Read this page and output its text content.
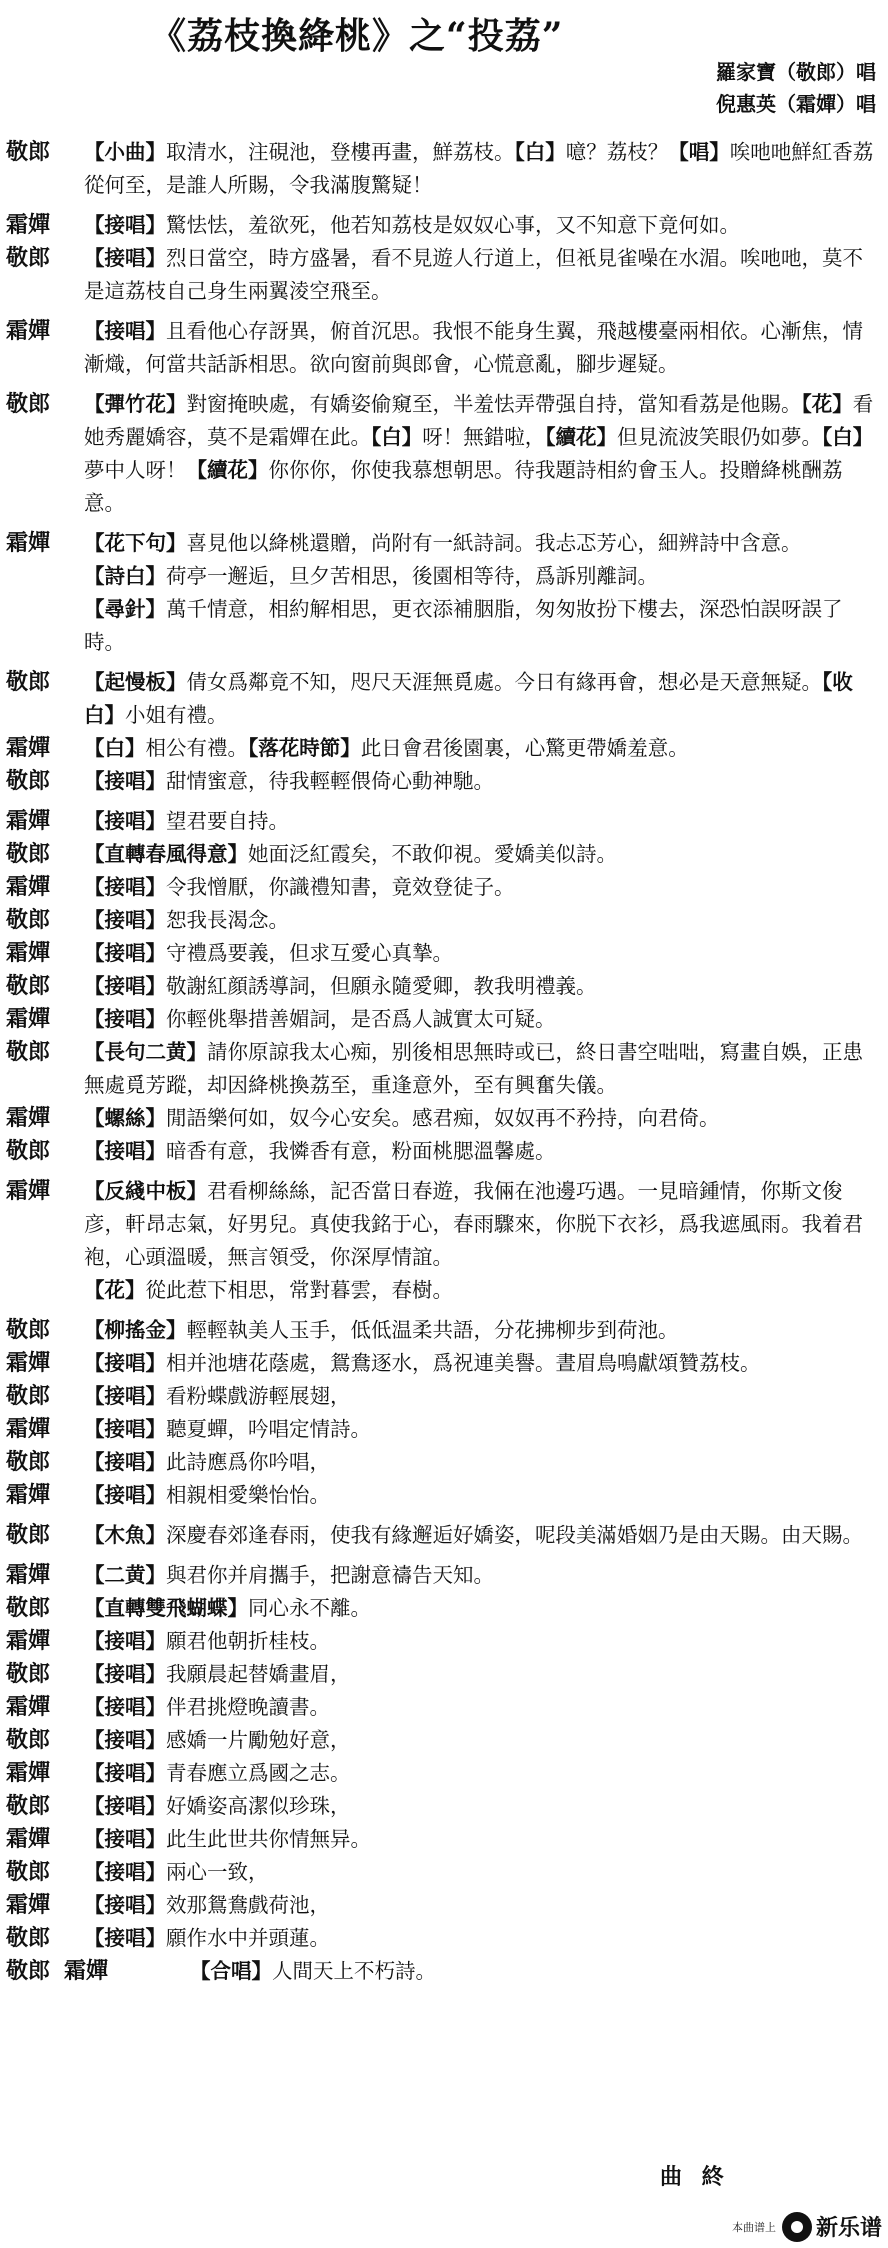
《荔枝換絳桃》之“投荔”
羅家寶（敬郎）唱
倪惠英（霜嬋）唱
敬郎	【小曲】取清水，注硯池，登樓再畫，鮮荔枝。【白】噫？荔枝？【唱】唉吔吔鮮紅香荔從何至，是誰人所賜，令我滿腹驚疑！
霜嬋	【接唱】驚怯怯，羞欲死，他若知荔枝是奴奴心事，又不知意下竟何如。
敬郎	【接唱】烈日當空，時方盛暑，看不見遊人行道上，但衹見雀噪在水湄。唉吔吔，莫不是這荔枝自己身生兩翼淩空飛至。
霜嬋	【接唱】且看他心存訝異，俯首沉思。我恨不能身生翼，飛越樓臺兩相依。心漸焦，情漸熾，何當共話訴相思。欲向窗前與郎會，心慌意亂，腳步遲疑。
敬郎	【彈竹花】對窗掩映處，有嬌姿偷窺至，半羞怯弄帶强自持，當知看荔是他賜。【花】看她秀麗嬌容，莫不是霜嬋在此。【白】呀！無錯啦，【續花】但見流波笑眼仍如夢。【白】夢中人呀！【續花】你你你，你使我慕想朝思。待我題詩相約會玉人。投贈絳桃酬荔意。
霜嬋	【花下句】喜見他以絳桃還贈，尚附有一紙詩詞。我忐忑芳心，細辨詩中含意。
【詩白】荷亭一邂逅，旦夕苦相思，後園相等待，爲訴別離詞。
【尋針】萬千情意，相約解相思，更衣添補胭脂，匆匆妝扮下樓去，深恐怕誤呀誤了時。
敬郎	【起慢板】倩女爲鄰竟不知，咫尺天涯無覓處。今日有緣再會，想必是天意無疑。【收白】小姐有禮。
霜嬋	【白】相公有禮。【落花時節】此日會君後園裏，心驚更帶嬌羞意。
敬郎	【接唱】甜情蜜意，待我輕輕偎倚心動神馳。
霜嬋	【接唱】望君要自持。
敬郎	【直轉春風得意】她面泛紅霞矣，不敢仰視。愛嬌美似詩。
霜嬋	【接唱】令我憎厭，你識禮知書，竟效登徒子。
敬郎	【接唱】恕我長渴念。
霜嬋	【接唱】守禮爲要義，但求互愛心真摯。
敬郎	【接唱】敬謝紅顔誘導詞，但願永隨愛卿，教我明禮義。
霜嬋	【接唱】你輕佻舉措善媚詞，是否爲人誠實太可疑。
敬郎	【長句二黄】請你原諒我太心痴，别後相思無時或已，終日書空咄咄，寫畫自娛，正患無處覓芳蹤，却因絳桃換荔至，重逢意外，至有興奮失儀。
霜嬋	【螺絲】閒語樂何如，奴今心安矣。感君痴，奴奴再不矜持，向君倚。
敬郎	【接唱】暗香有意，我憐香有意，粉面桃腮溫馨處。
霜嬋	【反綫中板】君看柳絲絲，記否當日春遊，我倆在池邊巧遇。一見暗鍾情，你斯文俊彦，軒昂志氣，好男兒。真使我銘于心，春雨驟來，你脱下衣衫，爲我遮風雨。我着君袍，心頭溫暖，無言領受，你深厚情誼。
【花】從此惹下相思，常對暮雲，春樹。
敬郎	【柳搖金】輕輕執美人玉手，低低温柔共語，分花拂柳步到荷池。
霜嬋	【接唱】相并池塘花蔭處，鴛鴦逐水，爲祝連美譽。晝眉鳥鳴獻頌贊荔枝。
敬郎	【接唱】看粉蝶戲游輕展翅，
霜嬋	【接唱】聽夏蟬，吟唱定情詩。
敬郎	【接唱】此詩應爲你吟唱，
霜嬋	【接唱】相親相愛樂怡怡。
敬郎	【木魚】深慶春郊逢春雨，使我有緣邂逅好嬌姿，呢段美滿婚姻乃是由天賜。由天賜。
霜嬋	【二黄】與君你并肩攜手，把謝意禱告天知。
敬郎	【直轉雙飛蝴蝶】同心永不離。
霜嬋	【接唱】願君他朝折桂枝。
敬郎	【接唱】我願晨起替嬌畫眉，
霜嬋	【接唱】伴君挑燈晚讀書。
敬郎	【接唱】感嬌一片勵勉好意，
霜嬋	【接唱】青春應立爲國之志。
敬郎	【接唱】好嬌姿高潔似珍珠，
霜嬋	【接唱】此生此世共你情無异。
敬郎	【接唱】兩心一致，
霜嬋	【接唱】效那鴛鴦戲荷池，
敬郎	【接唱】願作水中并頭蓮。
敬郎 霜嬋	【合唱】人間天上不朽詩。
曲 終
本曲谱上 新乐谱
